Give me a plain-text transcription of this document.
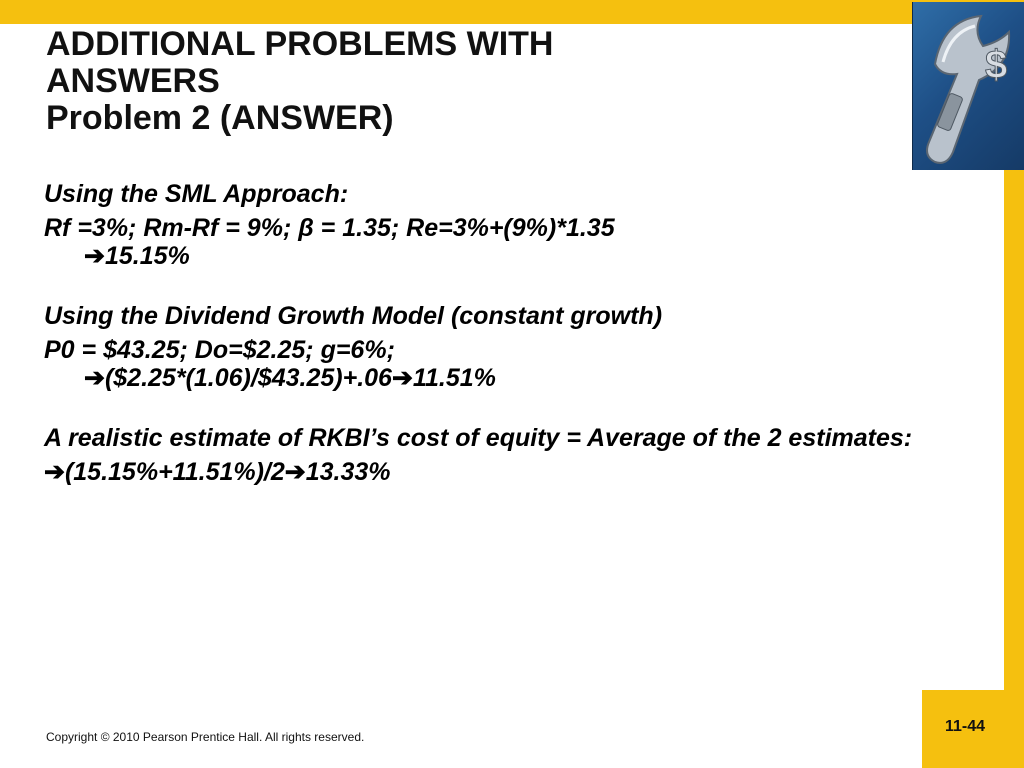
$
ADDITIONAL PROBLEMS WITH
ANSWERS
Problem 2 (ANSWER)

Using the SML Approach:

Rf =3%; Rm-Rf = 9%; β = 1.35; Re=3%+(9%)*1.35
➔15.15%

Using the Dividend Growth Model (constant growth)

P0 = $43.25; Do=$2.25; g=6%;
➔($2.25*(1.06)/$43.25)+.06➔11.51%

A realistic estimate of RKBI’s cost of equity = Average of the 2 estimates:

➔(15.15%+11.51%)/2➔13.33%

Copyright © 2010 Pearson Prentice Hall. All rights reserved.
11-44
